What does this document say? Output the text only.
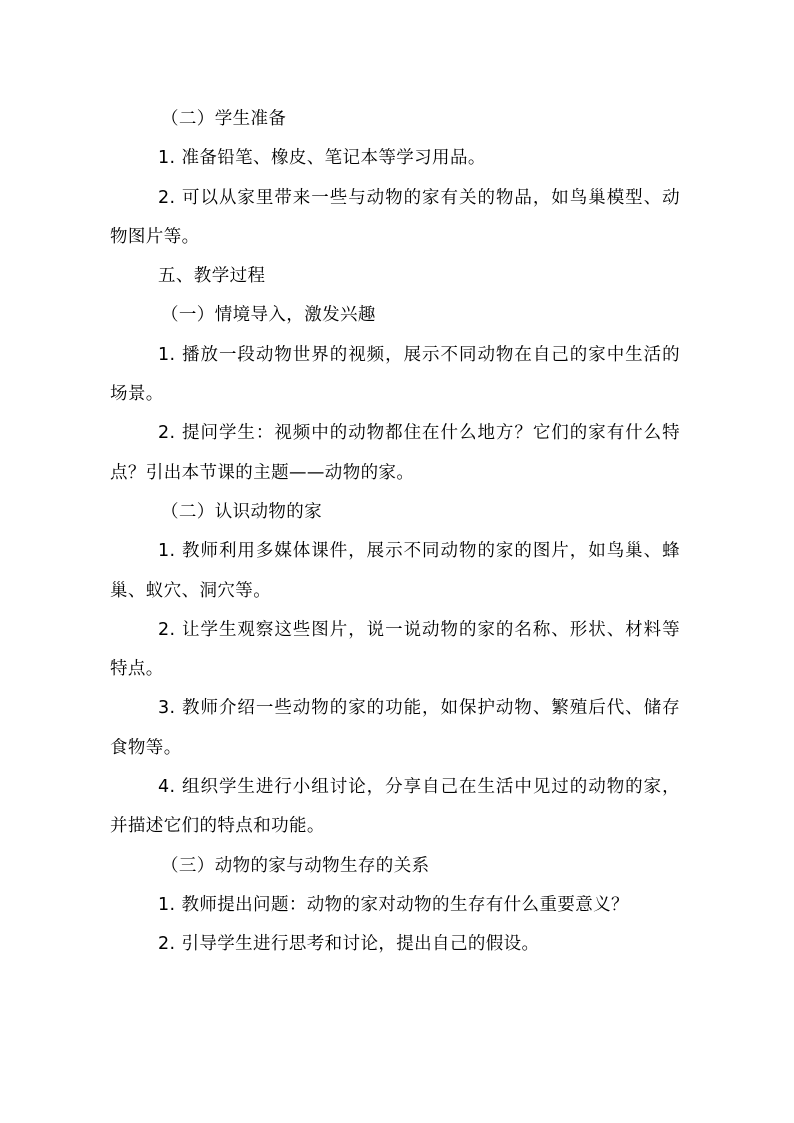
（二）学生准备
1. 准备铅笔、橡皮、笔记本等学习用品。
2. 可以从家里带来一些与动物的家有关的物品，如鸟巢模型、动
物图片等。
五、教学过程
（一）情境导入，激发兴趣
1. 播放一段动物世界的视频，展示不同动物在自己的家中生活的
场景。
2. 提问学生：视频中的动物都住在什么地方？它们的家有什么特
点？引出本节课的主题——动物的家。
（二）认识动物的家
1. 教师利用多媒体课件，展示不同动物的家的图片，如鸟巢、蜂
巢、蚁穴、洞穴等。
2. 让学生观察这些图片，说一说动物的家的名称、形状、材料等
特点。
3. 教师介绍一些动物的家的功能，如保护动物、繁殖后代、储存
食物等。
4. 组织学生进行小组讨论，分享自己在生活中见过的动物的家，
并描述它们的特点和功能。
（三）动物的家与动物生存的关系
1. 教师提出问题：动物的家对动物的生存有什么重要意义？
2. 引导学生进行思考和讨论，提出自己的假设。
